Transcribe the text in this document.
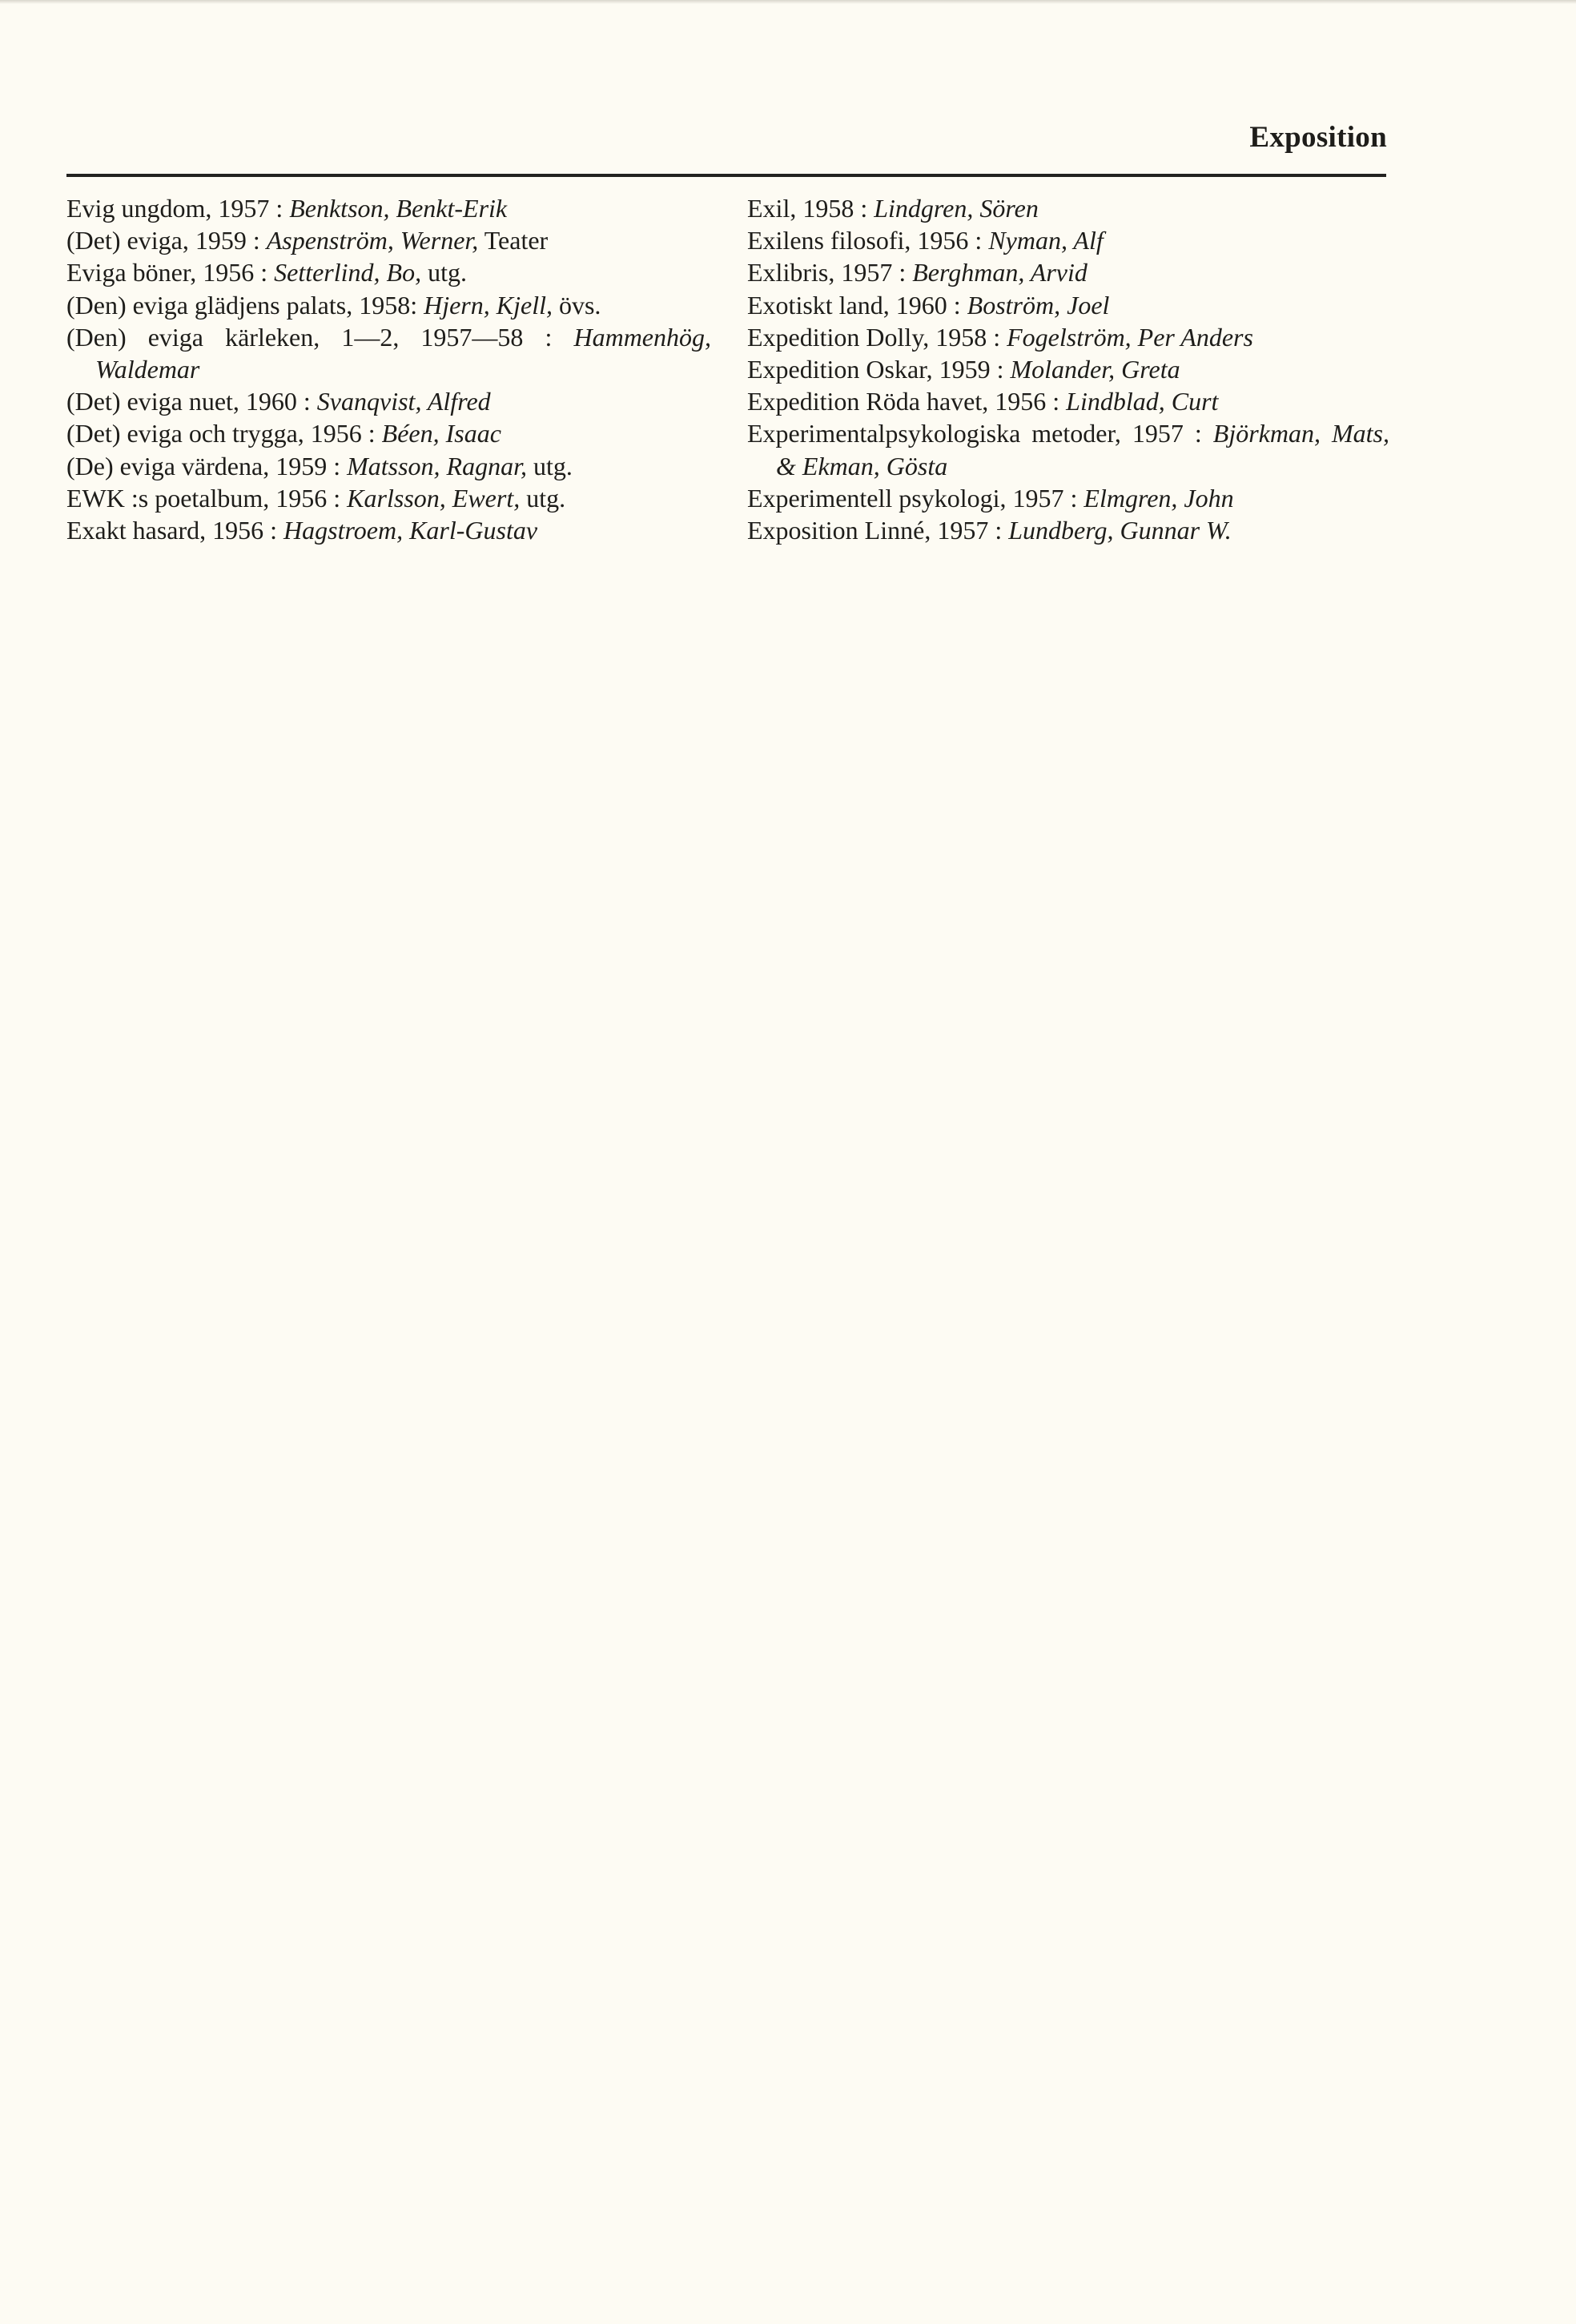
Exposition
Evig ungdom, 1957 : Benktson, Benkt-Erik
(Det) eviga, 1959 : Aspenström, Werner, Teater
Eviga böner, 1956 : Setterlind, Bo, utg.
(Den) eviga glädjens palats, 1958: Hjern, Kjell, övs.
(Den) eviga kärleken, 1—2, 1957—58 : Hammenhög, Waldemar
(Det) eviga nuet, 1960 : Svanqvist, Alfred
(Det) eviga och trygga, 1956 : Béen, Isaac
(De) eviga värdena, 1959 : Matsson, Ragnar, utg.
EWK :s poetalbum, 1956 : Karlsson, Ewert, utg.
Exakt hasard, 1956 : Hagstroem, Karl-Gustav
Exil, 1958 : Lindgren, Sören
Exilens filosofi, 1956 : Nyman, Alf
Exlibris, 1957 : Berghman, Arvid
Exotiskt land, 1960 : Boström, Joel
Expedition Dolly, 1958 : Fogelström, Per Anders
Expedition Oskar, 1959 : Molander, Greta
Expedition Röda havet, 1956 : Lindblad, Curt
Experimentalpsykologiska metoder, 1957 : Björkman, Mats, & Ekman, Gösta
Experimentell psykologi, 1957 : Elmgren, John
Exposition Linné, 1957 : Lundberg, Gunnar W.
